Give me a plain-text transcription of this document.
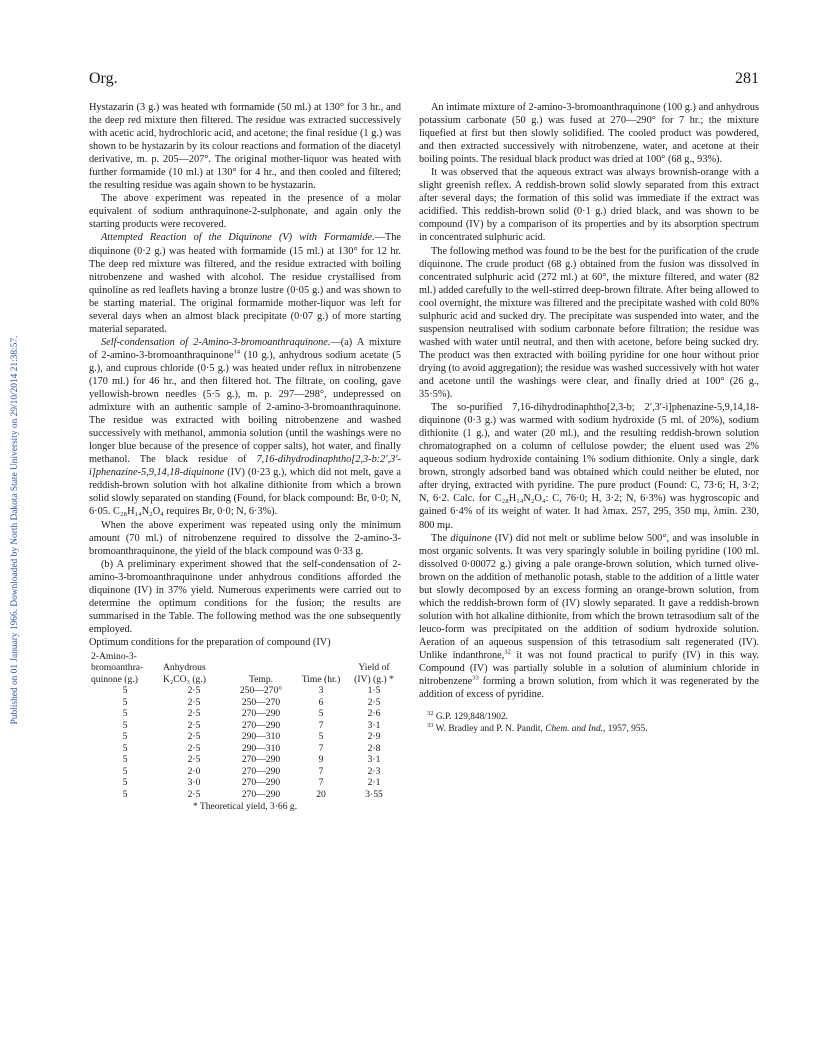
Published on 01 January 1966. Downloaded by North Dakota State University on 29/10/2014 21:38:57.
Org.	281

Hystazarin (3 g.) was heated wth formamide (50 ml.) at 130° for 3 hr., and the deep red mixture then filtered. The residue was extracted successively with acetic acid, hydrochloric acid, and acetone; the final residue (1 g.) was shown to be hystazarin by its colour reactions and formation of the diacetyl derivative, m. p. 205—207°. The original mother-liquor was heated with further formamide (10 ml.) at 130° for 4 hr., and then cooled and filtered; the resulting residue was again shown to be hystazarin.

The above experiment was repeated in the presence of a molar equivalent of sodium anthraquinone-2-sulphonate, and again only the starting products were recovered.

Attempted Reaction of the Diquinone (V) with Formamide.—The diquinone (0·2 g.) was heated with formamide (15 ml.) at 130° for 12 hr. The deep red mixture was filtered, and the residue extracted with boiling nitrobenzene and washed with alcohol. The residue crystallised from quinoline as red leaflets having a bronze lustre (0·05 g.) and was shown to be starting material. The original formamide mother-liquor was left for several days when an almost black precipitate (0·07 g.) of more starting material separated.

Self-condensation of 2-Amino-3-bromoanthraquinone.—(a) A mixture of 2-amino-3-bromoanthraquinone$^{14}$ (10 g.), anhydrous sodium acetate (5 g.), and cuprous chloride (0·5 g.) was heated under reflux in nitrobenzene (170 ml.) for 46 hr., and then filtered hot. The filtrate, on cooling, gave yellowish-brown needles (5·5 g.), m. p. 297—298°, undepressed on admixture with an authentic sample of 2-amino-3-bromoanthraquinone. The residue was extracted with boiling nitrobenzene and washed successively with methanol, ammonia solution (until the washings were no longer blue because of the presence of copper salts), hot water, and finally methanol. The black residue of 7,16-dihydrodinaphtho[2,3-b:2′,3′-i]phenazine-5,9,14,18-diquinone (IV) (0·23 g.), which did not melt, gave a reddish-brown solution with hot alkaline dithionite from which a brown solid slowly separated on standing (Found, for black compound: Br, 0·0; N, 6·05. C₂₈H₁₄N₂O₄ requires Br, 0·0; N, 6·3%).

When the above experiment was repeated using only the minimum amount (70 ml.) of nitrobenzene required to dissolve the 2-amino-3-bromoanthraquinone, the yield of the black compound was 0·33 g.

(b) A preliminary experiment showed that the self-condensation of 2-amino-3-bromoanthraquinone under anhydrous conditions afforded the diquinone (IV) in 37% yield. Numerous experiments were carried out to determine the optimum conditions for the fusion; the results are summarised in the Table. The following method was the one subsequently employed.

Optimum conditions for the preparation of compound (IV)

2-Amino-3-bromoanthra-quinone (g.)	Anhydrous K₂CO₃ (g.)	Temp.	Time (hr.)	Yield of (IV) (g.) *
5	2·5	250—270°	3	1·5
5	2·5	250—270	6	2·5
5	2·5	270—290	5	2·6
5	2·5	270—290	7	3·1
5	2·5	290—310	5	2·9
5	2·5	290—310	7	2·8
5	2·5	270—290	9	3·1
5	2·0	270—290	7	2·3
5	3·0	270—290	7	2·1
5	2·5	270—290	20	3·55

* Theoretical yield, 3·66 g.

An intimate mixture of 2-amino-3-bromoanthraquinone (100 g.) and anhydrous potassium carbonate (50 g.) was fused at 270—290° for 7 hr.; the mixture liquefied at first but then slowly solidified. The cooled product was powdered, and then extracted successively with nitrobenzene, water, and acetone at their boiling points. The residual black product was dried at 100° (68 g., 93%).

It was observed that the aqueous extract was always brownish-orange with a slight greenish reflex. A reddish-brown solid slowly separated from this extract after several days; the formation of this solid was immediate if the extract was acidified. This reddish-brown solid (0·1 g.) dried black, and was shown to be compound (IV) by a comparison of its properties and by its absorption spectrum in concentrated sulphuric acid.

The following method was found to be the best for the purification of the crude diquinone. The crude product (68 g.) obtained from the fusion was dissolved in concentrated sulphuric acid (272 ml.) at 60°, the mixture filtered, and water (82 ml.) added carefully to the well-stirred deep-brown filtrate. After being allowed to cool overnight, the mixture was filtered and the precipitate washed with cold 80% sulphuric acid and sucked dry. The precipitate was suspended into water, and the suspension neutralised with sodium carbonate before filtration; the residue was washed with water until neutral, and then with acetone, before being sucked dry. The product was then extracted with boiling pyridine for one hour without prior drying (to avoid aggregation); the residue was washed successively with hot water and acetone until the washings were clear, and finally dried at 100° (26 g., 35·5%).

The so-purified 7,16-dihydrodinaphtho[2,3-b; 2′,3′-i]phenazine-5,9,14,18-diquinone (0·3 g.) was warmed with sodium hydroxide (5 ml. of 20%), sodium dithionite (1 g.), and water (20 ml.), and the resulting reddish-brown solution chromatographed on a column of cellulose powder; the eluent used was 2% aqueous sodium hydroxide containing 1% sodium dithionite. Only a single, dark brown, strongly adsorbed band was obtained which could neither be eluted, nor after drying, extracted with pyridine. The pure product (Found: C, 73·6; H, 3·2; N, 6·2. Calc. for C₂₈H₁₄N₂O₄: C, 76·0; H, 3·2; N, 6·3%) was hygroscopic and gained 6·4% of its weight of water. It had λmax. 257, 295, 350 mμ, λmin. 230, 800 mμ.

The diquinone (IV) did not melt or sublime below 500°, and was insoluble in most organic solvents. It was very sparingly soluble in boiling pyridine (100 ml. dissolved 0·00072 g.) giving a pale orange-brown solution, which turned olive-brown on the addition of methanolic potash, stable to the addition of a little water but slowly decomposed by an excess forming an orange-brown solution, from which the reddish-brown form of (IV) slowly separated. It gave a reddish-brown solution with hot alkaline dithionite, from which the brown tetrasodium salt of the leuco-form was precipitated on the addition of sodium hydroxide solution. Aeration of an aqueous suspension of this tetrasodium salt regenerated (IV). Unlike indanthrone,$^{32}$ it was not found practical to purify (IV) in this way. Compound (IV) was partially soluble in a solution of aluminium chloride in nitrobenzene$^{33}$ forming a brown solution, from which it was regenerated by the addition of excess of pyridine.

$^{32}$ G.P. 129,848/1902.
$^{33}$ W. Bradley and P. N. Pandit, Chem. and Ind., 1957, 955.
